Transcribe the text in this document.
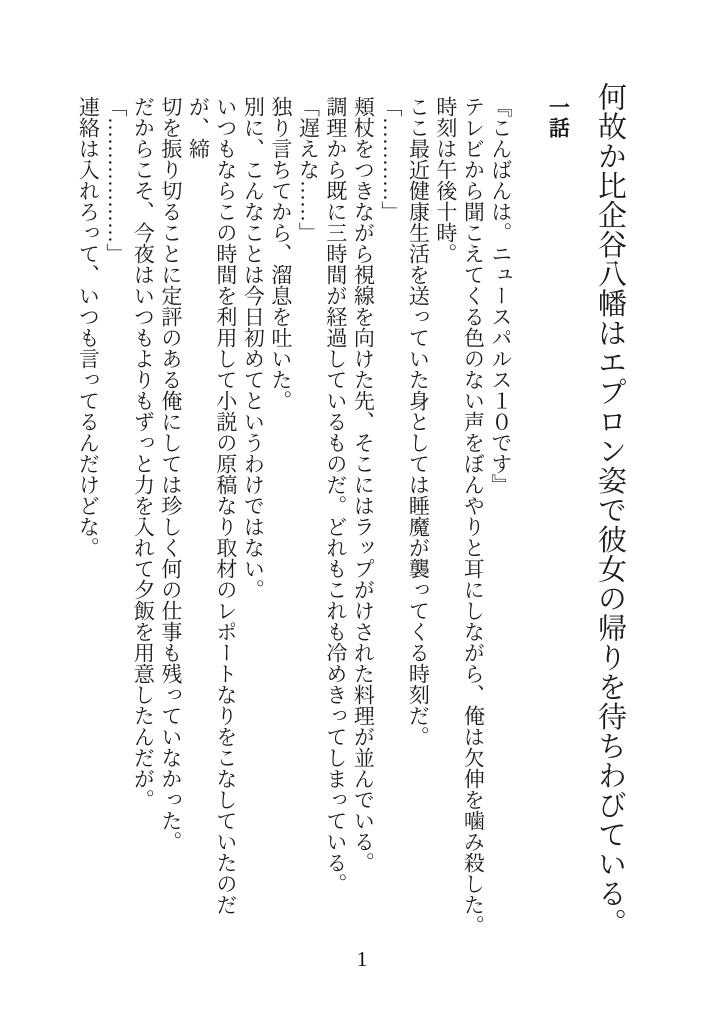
何故か比企谷八幡はエプロン姿で彼女の帰りを待ちわびている。
一話

『こんばんは。ニュースパルス１０です』

テレビから聞こえてくる色のない声をぼんやりと耳にしながら、俺は欠伸を噛み殺した。

時刻は午後十時。

ここ最近健康生活を送っていた身としては睡魔が襲ってくる時刻だ。

「…………」

頬杖をつきながら視線を向けた先、そこにはラップがけされた料理が並んでいる。

調理から既に三時間が経過しているものだ。どれもこれも冷めきってしまっている。

「遅えな……」

独り言ちてから、溜息を吐いた。

別に、こんなことは今日初めてというわけではない。

いつもならこの時間を利用して小説の原稿なり取材のレポートなりをこなしていたのだが、締

切を振り切ることに定評のある俺にしては珍しく何の仕事も残っていなかった。

だからこそ、今夜はいつもよりもずっと力を入れて夕飯を用意したんだが。

「………………」

連絡は入れろって、いつも言ってるんだけどな。

1
